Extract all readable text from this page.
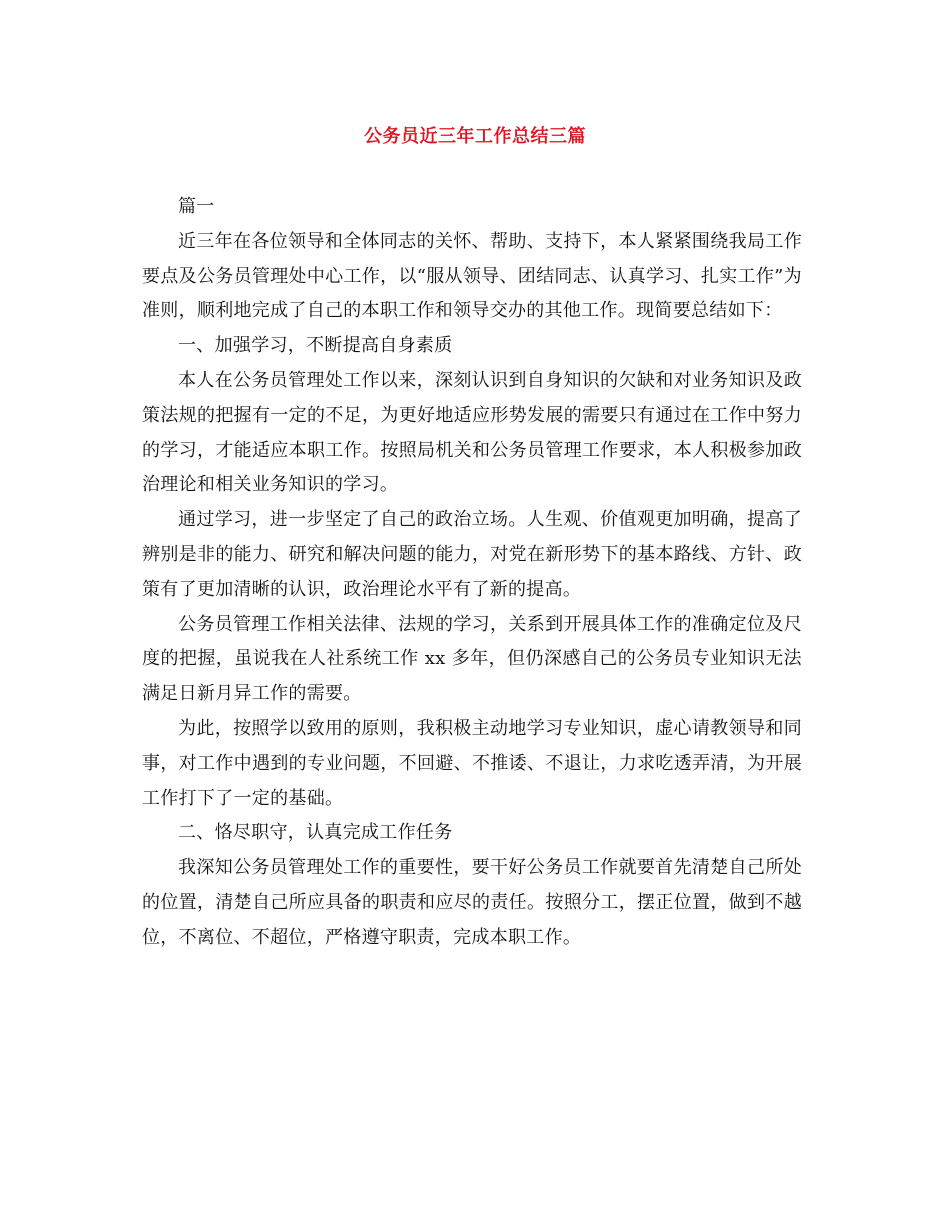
公务员近三年工作总结三篇

篇一

近三年在各位领导和全体同志的关怀、帮助、支持下，本人紧紧围绕我局工作要点及公务员管理处中心工作，以“服从领导、团结同志、认真学习、扎实工作”为准则，顺利地完成了自己的本职工作和领导交办的其他工作。现简要总结如下：

一、加强学习，不断提高自身素质

本人在公务员管理处工作以来，深刻认识到自身知识的欠缺和对业务知识及政策法规的把握有一定的不足，为更好地适应形势发展的需要只有通过在工作中努力的学习，才能适应本职工作。按照局机关和公务员管理工作要求，本人积极参加政治理论和相关业务知识的学习。

通过学习，进一步坚定了自己的政治立场。人生观、价值观更加明确，提高了辨别是非的能力、研究和解决问题的能力，对党在新形势下的基本路线、方针、政策有了更加清晰的认识，政治理论水平有了新的提高。

公务员管理工作相关法律、法规的学习，关系到开展具体工作的准确定位及尺度的把握，虽说我在人社系统工作 xx 多年，但仍深感自己的公务员专业知识无法满足日新月异工作的需要。

为此，按照学以致用的原则，我积极主动地学习专业知识，虚心请教领导和同事，对工作中遇到的专业问题，不回避、不推诿、不退让，力求吃透弄清，为开展工作打下了一定的基础。

二、恪尽职守，认真完成工作任务

我深知公务员管理处工作的重要性，要干好公务员工作就要首先清楚自己所处的位置，清楚自己所应具备的职责和应尽的责任。按照分工，摆正位置，做到不越位，不离位、不超位，严格遵守职责，完成本职工作。
